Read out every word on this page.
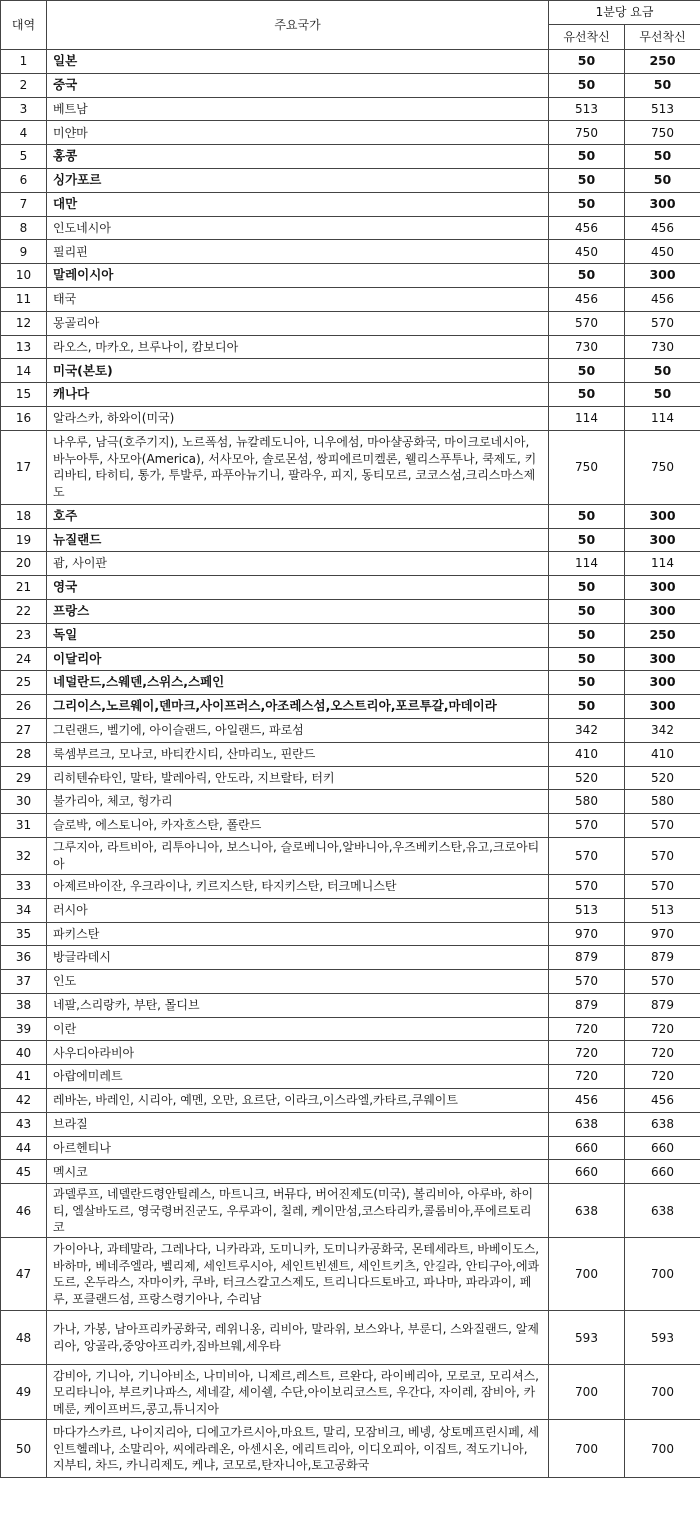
대역	주요국가	1분당 요금	
		유선착신	무선착신
1	일본	50	250
2	중국	50	50
3	베트남	513	513
4	미얀마	750	750
5	홍콩	50	50
6	싱가포르	50	50
7	대만	50	300
8	인도네시아	456	456
9	필리핀	450	450
10	말레이시아	50	300
11	태국	456	456
12	몽골리아	570	570
13	라오스, 마카오, 브루나이, 캄보디아	730	730
14	미국(본토)	50	50
15	캐나다	50	50
16	알라스카, 하와이(미국)	114	114
17	나우루, 남극(호주기지), 노르폭섬, 뉴칼레도니아, 니우에섬, 마아샬공화국, 마이크로네시아, 바누아투, 사모아(America), 서사모아, 솔로몬섬, 쌍피에르미켈론, 웰리스푸투나, 쿡제도, 키리바티, 타히티, 통가, 투발루, 파푸아뉴기니, 팔라우, 피지, 동티모르, 코코스섬,크리스마스제도	750	750
18	호주	50	300
19	뉴질랜드	50	300
20	괌, 사이판	114	114
21	영국	50	300
22	프랑스	50	300
23	독일	50	250
24	이달리아	50	300
25	네덜란드,스웨덴,스위스,스페인	50	300
26	그리이스,노르웨이,덴마크,사이프러스,아조레스섬,오스트리아,포르투갈,마데이라	50	300
27	그린랜드, 벨기에, 아이슬랜드, 아일랜드, 파로섬	342	342
28	룩셈부르크, 모나코, 바티칸시티, 산마리노, 핀란드	410	410
29	리히텐슈타인, 말타, 발레아릭, 안도라, 지브랄타, 터키	520	520
30	불가리아, 체코, 헝가리	580	580
31	슬로박, 에스토니아, 카자흐스탄, 폴란드	570	570
32	그루지아, 라트비아, 리투아니아, 보스니아, 슬로베니아,알바니아,우즈베키스탄,유고,크로아티아	570	570
33	아제르바이잔, 우크라이나, 키르지스탄, 타지키스탄, 터크메니스탄	570	570
34	러시아	513	513
35	파키스탄	970	970
36	방글라데시	879	879
37	인도	570	570
38	네팔,스리랑카, 부탄, 몰디브	879	879
39	이란	720	720
40	사우디아라비아	720	720
41	아랍에미레트	720	720
42	레바논, 바레인, 시리아, 예멘, 오만, 요르단, 이라크,이스라엘,카타르,쿠웨이트	456	456
43	브라질	638	638
44	아르헨티나	660	660
45	멕시코	660	660
46	과델루프, 네델란드령안틸레스, 마트니크, 버뮤다, 버어진제도(미국), 볼리비아, 아루바, 하이티, 엘살바도르, 영국령버진군도, 우루과이, 칠레, 케이만섬,코스타리카,콜롬비아,푸에르토리코	638	638
47	가이아나, 과테말라, 그레나다, 니카라과, 도미니카, 도미니카공화국, 몬테세라트, 바베이도스, 바하마, 베네주엘라, 벨리제, 세인트루시아, 세인트빈센트, 세인트키츠, 안길라, 안티구아,에콰도르, 온두라스, 자마이카, 쿠바, 터크스칼고스제도, 트리니다드토바고, 파나마, 파라과이, 페루, 포클랜드섬, 프랑스령기아나, 수리남	700	700
48	가나, 가봉, 남아프리카공화국, 레위니옹, 리비아, 말라위, 보스와나, 부룬디, 스와질랜드, 알제리아, 앙골라,중앙아프리카,짐바브웨,세우타	593	593
49	감비아, 기니아, 기니아비소, 나미비아, 니제르,레스트, 르완다, 라이베리아, 모로코, 모리셔스,모리타니아, 부르키나파스, 세네갈, 세이쉘, 수단,아이보리코스트, 우간다, 자이레, 잠비아, 카메룬, 케이프버드,콩고,튜니지아	700	700
50	마다가스카르, 나이지리아, 디에고가르시아,마요트, 말리, 모잠비크, 베넹, 상토메프린시페, 세인트헬레나, 소말리아, 씨에라레온, 아센시온, 에리트리아, 이디오피아, 이집트, 적도기니아, 지부티, 차드, 카니리제도, 케냐, 코모로,탄자니아,토고공화국	700	700
